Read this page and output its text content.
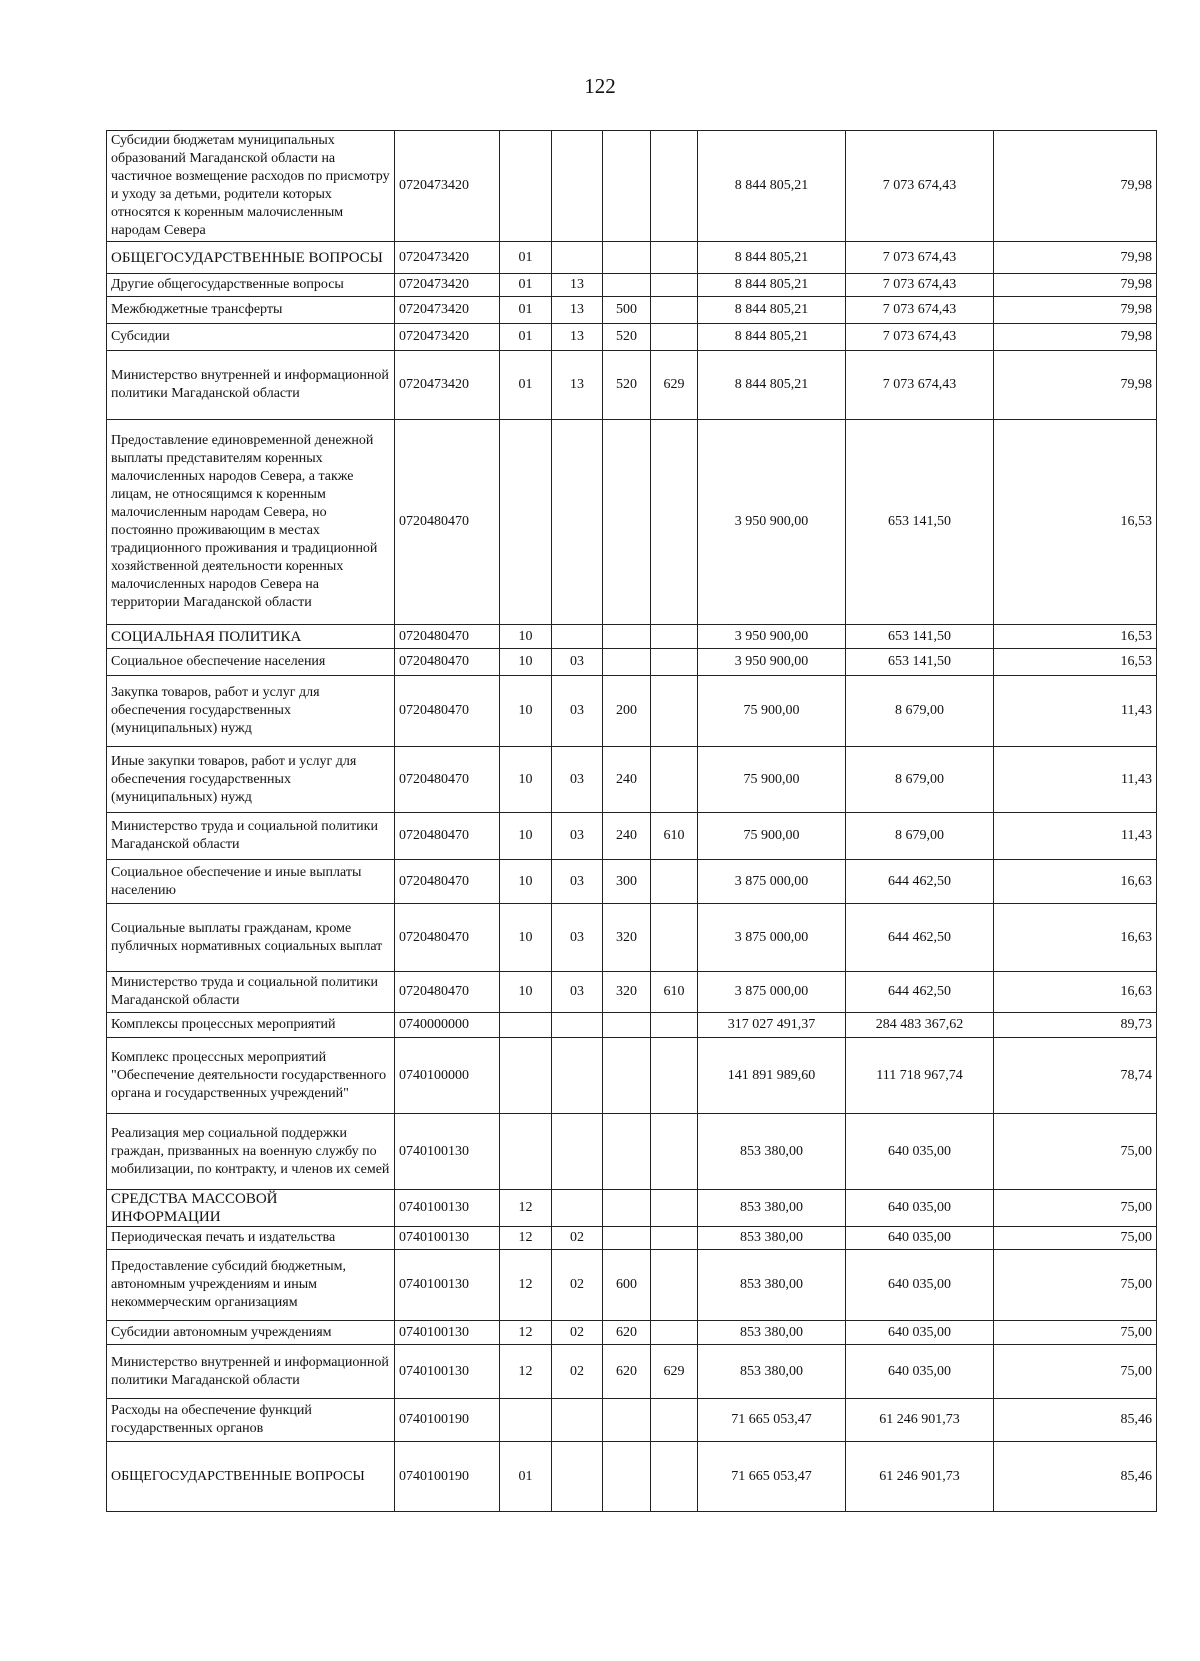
122
Субсидии бюджетам муниципальных образований Магаданской области на частичное возмещение расходов по присмотру и уходу за детьми, родители которых относятся к коренным малочисленным народам Севера	0720473420					8 844 805,21	7 073 674,43	79,98
ОБЩЕГОСУДАРСТВЕННЫЕ ВОПРОСЫ	0720473420	01				8 844 805,21	7 073 674,43	79,98
Другие общегосударственные вопросы	0720473420	01	13			8 844 805,21	7 073 674,43	79,98
Межбюджетные трансферты	0720473420	01	13	500		8 844 805,21	7 073 674,43	79,98
Субсидии	0720473420	01	13	520		8 844 805,21	7 073 674,43	79,98
Министерство внутренней и информационной политики Магаданской области	0720473420	01	13	520	629	8 844 805,21	7 073 674,43	79,98
Предоставление единовременной денежной выплаты представителям коренных малочисленных народов Севера, а также лицам, не относящимся к коренным малочисленным народам Севера, но постоянно проживающим в местах традиционного проживания и традиционной хозяйственной деятельности коренных малочисленных народов Севера на территории Магаданской области	0720480470					3 950 900,00	653 141,50	16,53
СОЦИАЛЬНАЯ ПОЛИТИКА	0720480470	10				3 950 900,00	653 141,50	16,53
Социальное обеспечение населения	0720480470	10	03			3 950 900,00	653 141,50	16,53
Закупка товаров, работ и услуг для обеспечения государственных (муниципальных) нужд	0720480470	10	03	200		75 900,00	8 679,00	11,43
Иные закупки товаров, работ и услуг для обеспечения государственных (муниципальных) нужд	0720480470	10	03	240		75 900,00	8 679,00	11,43
Министерство труда и социальной политики Магаданской области	0720480470	10	03	240	610	75 900,00	8 679,00	11,43
Социальное обеспечение и иные выплаты населению	0720480470	10	03	300		3 875 000,00	644 462,50	16,63
Социальные выплаты гражданам, кроме публичных нормативных социальных выплат	0720480470	10	03	320		3 875 000,00	644 462,50	16,63
Министерство труда и социальной политики Магаданской области	0720480470	10	03	320	610	3 875 000,00	644 462,50	16,63
Комплексы процессных мероприятий	0740000000					317 027 491,37	284 483 367,62	89,73
Комплекс процессных мероприятий "Обеспечение деятельности государственного органа и государственных учреждений"	0740100000					141 891 989,60	111 718 967,74	78,74
Реализация мер социальной поддержки граждан, призванных на военную службу по мобилизации, по контракту, и членов их семей	0740100130					853 380,00	640 035,00	75,00
СРЕДСТВА МАССОВОЙ ИНФОРМАЦИИ	0740100130	12				853 380,00	640 035,00	75,00
Периодическая печать и издательства	0740100130	12	02			853 380,00	640 035,00	75,00
Предоставление субсидий бюджетным, автономным учреждениям и иным некоммерческим организациям	0740100130	12	02	600		853 380,00	640 035,00	75,00
Субсидии автономным учреждениям	0740100130	12	02	620		853 380,00	640 035,00	75,00
Министерство внутренней и информационной политики Магаданской области	0740100130	12	02	620	629	853 380,00	640 035,00	75,00
Расходы на обеспечение функций государственных органов	0740100190					71 665 053,47	61 246 901,73	85,46
ОБЩЕГОСУДАРСТВЕННЫЕ ВОПРОСЫ	0740100190	01				71 665 053,47	61 246 901,73	85,46
